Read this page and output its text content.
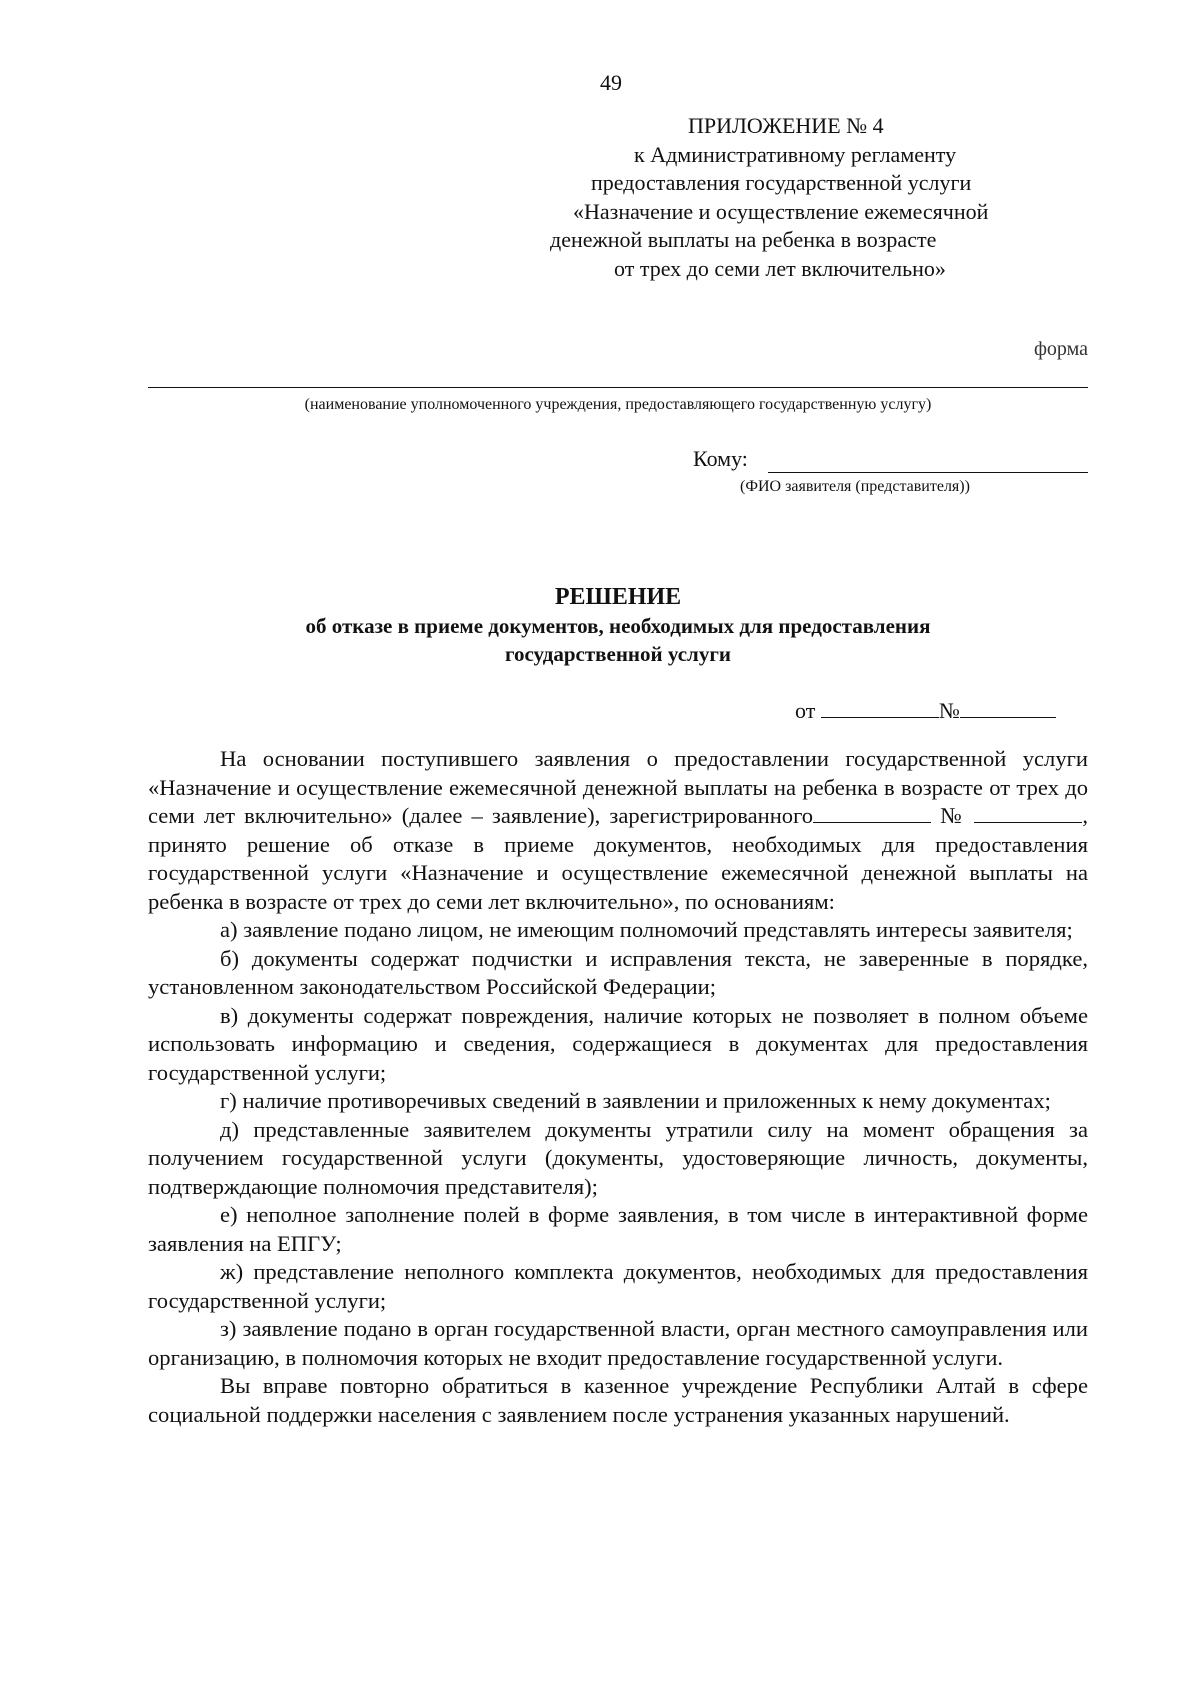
49
ПРИЛОЖЕНИЕ № 4
к Административному регламенту
предоставления государственной услуги
«Назначение и осуществление ежемесячной
денежной выплаты на ребенка в возрасте
от трех до семи лет включительно»
форма
(наименование уполномоченного учреждения, предоставляющего государственную услугу)
Кому:
(ФИО заявителя (представителя))
РЕШЕНИЕ
об отказе в приеме документов, необходимых для предоставления
государственной услуги
от	№

На основании поступившего заявления о предоставлении государственной услуги «Назначение и осуществление ежемесячной денежной выплаты на ребенка в возрасте от трех до семи лет включительно» (далее – заявление), зарегистрированного	№	, принято решение об отказе в приеме документов, необходимых для предоставления государственной услуги «Назначение и осуществление ежемесячной денежной выплаты на ребенка в возрасте от трех до семи лет включительно», по основаниям:

а) заявление подано лицом, не имеющим полномочий представлять интересы заявителя;

б) документы содержат подчистки и исправления текста, не заверенные в порядке, установленном законодательством Российской Федерации;

в) документы содержат повреждения, наличие которых не позволяет в полном объеме использовать информацию и сведения, содержащиеся в документах для предоставления государственной услуги;

г) наличие противоречивых сведений в заявлении и приложенных к нему документах;

д) представленные заявителем документы утратили силу на момент обращения за получением государственной услуги (документы, удостоверяющие личность, документы, подтверждающие полномочия представителя);

е) неполное заполнение полей в форме заявления, в том числе в интерактивной форме заявления на ЕПГУ;

ж) представление неполного комплекта документов, необходимых для предоставления государственной услуги;

з) заявление подано в орган государственной власти, орган местного самоуправления или организацию, в полномочия которых не входит предоставление государственной услуги.

Вы вправе повторно обратиться в казенное учреждение Республики Алтай в сфере социальной поддержки населения с заявлением после устранения указанных нарушений.
